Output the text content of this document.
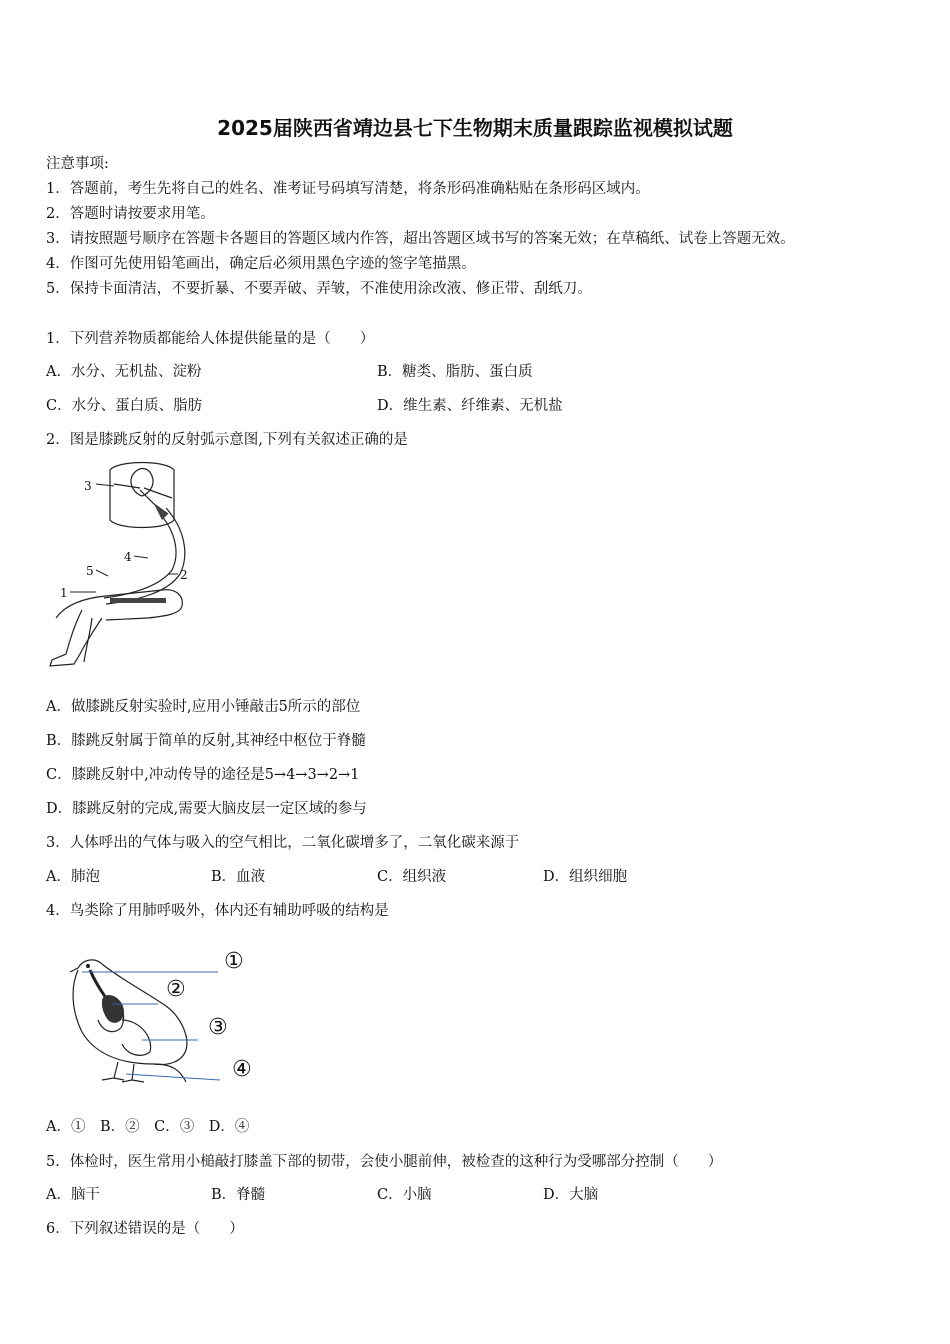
2025届陕西省靖边县七下生物期末质量跟踪监视模拟试题
注意事项:
1．答题前，考生先将自己的姓名、准考证号码填写清楚，将条形码准确粘贴在条形码区域内。
2．答题时请按要求用笔。
3．请按照题号顺序在答题卡各题目的答题区域内作答，超出答题区域书写的答案无效；在草稿纸、试卷上答题无效。
4．作图可先使用铅笔画出，确定后必须用黑色字迹的签字笔描黑。
5．保持卡面清洁，不要折暴、不要弄破、弄皱，不准使用涂改液、修正带、刮纸刀。
1．下列营养物质都能给人体提供能量的是（　　）
A．水分、无机盐、淀粉	B．糖类、脂肪、蛋白质
C．水分、蛋白质、脂肪	D．维生素、纤维素、无机盐
2．图是膝跳反射的反射弧示意图,下列有关叙述正确的是
3
4
5	2
1
A．做膝跳反射实验时,应用小锤敲击5所示的部位
B．膝跳反射属于简单的反射,其神经中枢位于脊髓
C．膝跳反射中,冲动传导的途径是5→4→3→2→1
D．膝跳反射的完成,需要大脑皮层一定区域的参与
3．人体呼出的气体与吸入的空气相比，二氧化碳增多了，二氧化碳来源于
A．肺泡	B．血液	C．组织液	D．组织细胞
4．鸟类除了用肺呼吸外，体内还有辅助呼吸的结构是
①
②
③
④
A．①　B．②　C．③　D．④
5．体检时，医生常用小槌敲打膝盖下部的韧带，会使小腿前伸，被检查的这种行为受哪部分控制（　　）
A．脑干	B．脊髓	C．小脑	D．大脑
6．下列叙述错误的是（　　）
